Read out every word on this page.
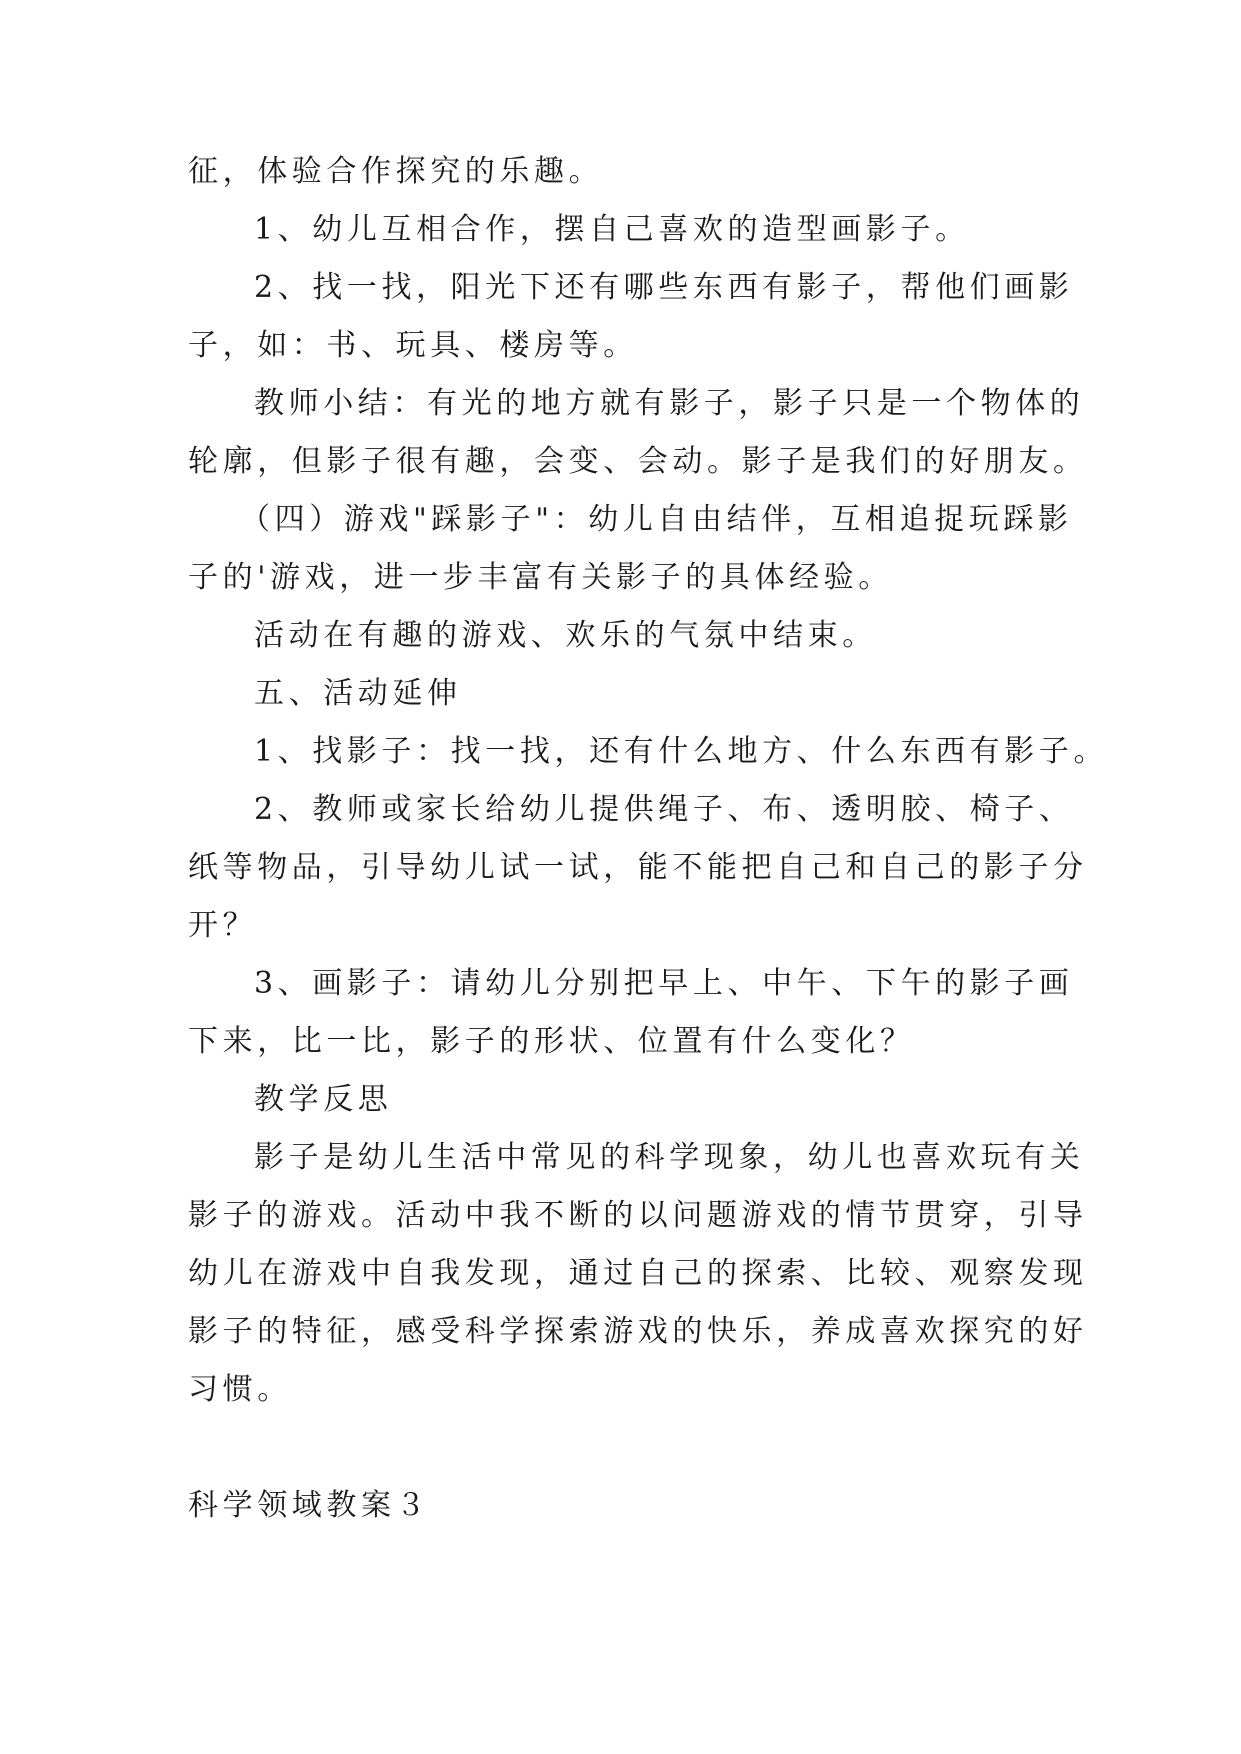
征，体验合作探究的乐趣。
1、幼儿互相合作，摆自己喜欢的造型画影子。
2、找一找，阳光下还有哪些东西有影子，帮他们画影
子，如：书、玩具、楼房等。
教师小结：有光的地方就有影子，影子只是一个物体的
轮廓，但影子很有趣，会变、会动。影子是我们的好朋友。
（四）游戏"踩影子"：幼儿自由结伴，互相追捉玩踩影
子的'游戏，进一步丰富有关影子的具体经验。
活动在有趣的游戏、欢乐的气氛中结束。
五、活动延伸
1、找影子：找一找，还有什么地方、什么东西有影子。
2、教师或家长给幼儿提供绳子、布、透明胶、椅子、
纸等物品，引导幼儿试一试，能不能把自己和自己的影子分
开？
3、画影子：请幼儿分别把早上、中午、下午的影子画
下来，比一比，影子的形状、位置有什么变化？
教学反思
影子是幼儿生活中常见的科学现象，幼儿也喜欢玩有关
影子的游戏。活动中我不断的以问题游戏的情节贯穿，引导
幼儿在游戏中自我发现，通过自己的探索、比较、观察发现
影子的特征，感受科学探索游戏的快乐，养成喜欢探究的好
习惯。
科学领域教案３
